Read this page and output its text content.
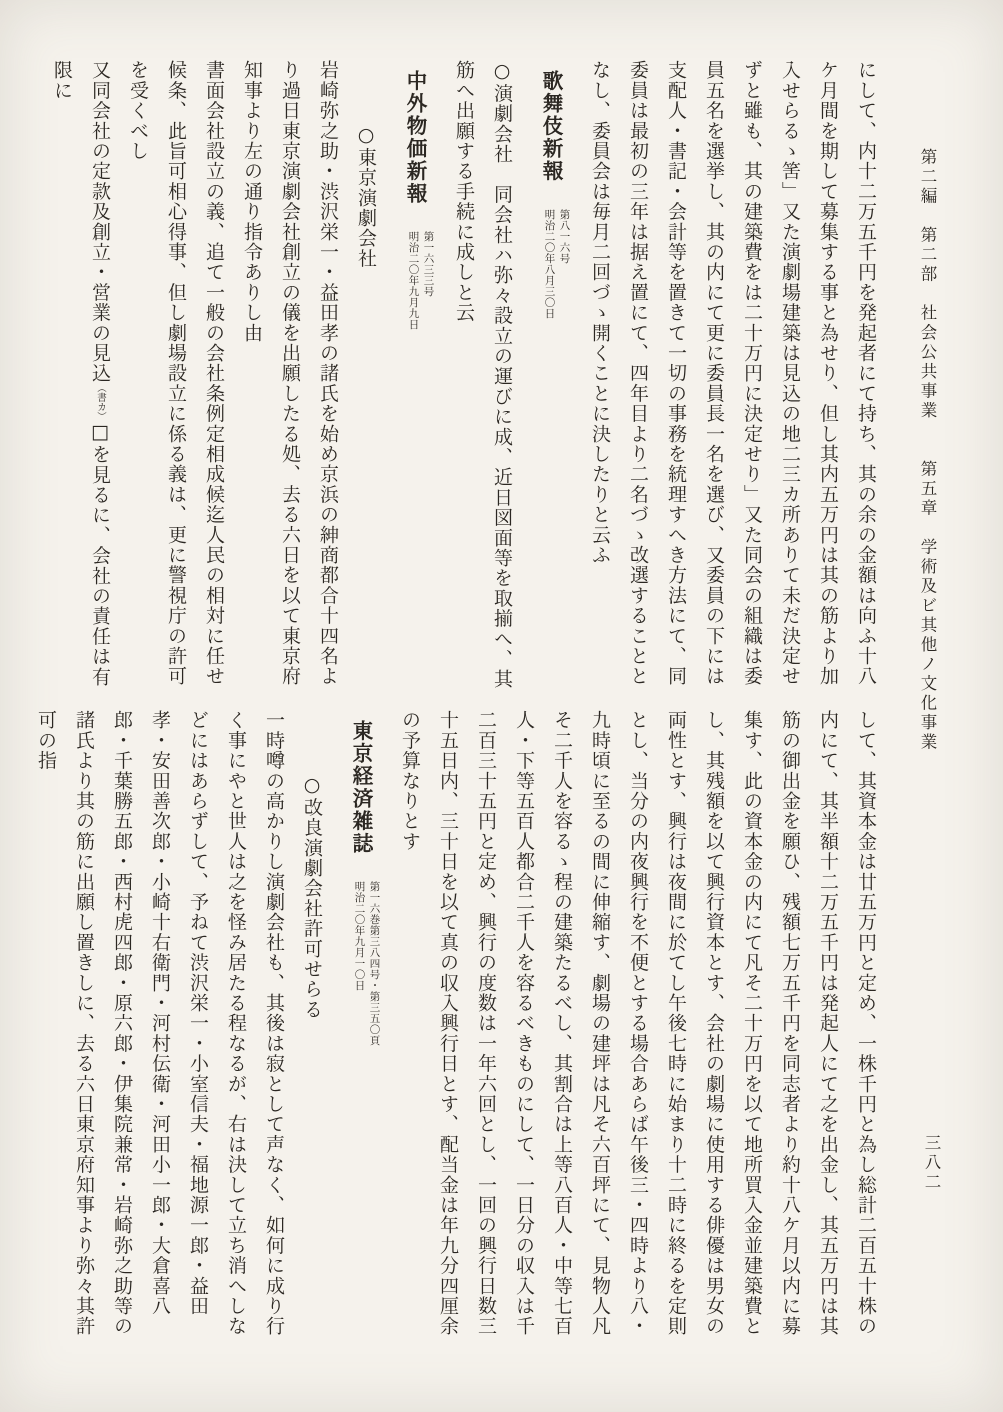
第二編　第二部　社会公共事業　　第五章　学術及ビ其他ノ文化事業
三八二

にして、内十二万五千円を発起者にて持ち、其の余の金額は向ふ十八ケ月間を期して募集する事と為せり、但し其内五万円は其の筋より加入せらるゝ筈」又た演劇場建築は見込の地二三カ所ありて未だ決定せずと雖も、其の建築費をは二十万円に決定せり」又た同会の組織は委員五名を選挙し、其の内にて更に委員長一名を選び、又委員の下には支配人・書記・会計等を置きて一切の事務を統理すへき方法にて、同委員は最初の三年は据え置にて、四年目より二名づゝ改選することとなし、委員会は毎月二回づゝ開くことに決したりと云ふ

歌舞伎新報第八一六号
明治二〇年八月三〇日

○演劇会社　同会社ハ弥々設立の運びに成、近日図面等を取揃へ、其筋へ出願する手続に成しと云

中外物価新報第一六三三号
明治二〇年九月九日
○東京演劇会社

岩崎弥之助・渋沢栄一・益田孝の諸氏を始め京浜の紳商都合十四名より過日東京演劇会社創立の儀を出願したる処、去る六日を以て東京府知事より左の通り指令ありし由

書面会社設立の義、追て一般の会社条例定相成候迄人民の相対に任せ候条、此旨可相心得事、但し劇場設立に係る義は、更に警視庁の許可を受くべし

又同会社の定款及創立・営業の見込（書カ）□を見るに、会社の責任は有限に

して、其資本金は廿五万円と定め、一株千円と為し総計二百五十株の内にて、其半額十二万五千円は発起人にて之を出金し、其五万円は其筋の御出金を願ひ、残額七万五千円を同志者より約十八ケ月以内に募集す、此の資本金の内にて凡そ二十万円を以て地所買入金並建築費とし、其残額を以て興行資本とす、会社の劇場に使用する俳優は男女の両性とす、興行は夜間に於てし午後七時に始まり十二時に終るを定則とし、当分の内夜興行を不便とする場合あらば午後三・四時より八・九時頃に至るの間に伸縮す、劇場の建坪は凡そ六百坪にて、見物人凡そ二千人を容るゝ程の建築たるべし、其割合は上等八百人・中等七百人・下等五百人都合二千人を容るべきものにして、一日分の収入は千二百三十五円と定め、興行の度数は一年六回とし、一回の興行日数三十五日内、三十日を以て真の収入興行日とす、配当金は年九分四厘余の予算なりとす

東京経済雑誌第一六巻第三八四号・第三五〇頁
明治二〇年九月一〇日
○改良演劇会社許可せらる

一時噂の高かりし演劇会社も、其後は寂として声なく、如何に成り行く事にやと世人は之を怪み居たる程なるが、右は決して立ち消へしなどにはあらずして、予ねて渋沢栄一・小室信夫・福地源一郎・益田孝・安田善次郎・小崎十右衛門・河村伝衛・河田小一郎・大倉喜八郎・千葉勝五郎・西村虎四郎・原六郎・伊集院兼常・岩崎弥之助等の諸氏より其の筋に出願し置きしに、去る六日東京府知事より弥々其許可の指
